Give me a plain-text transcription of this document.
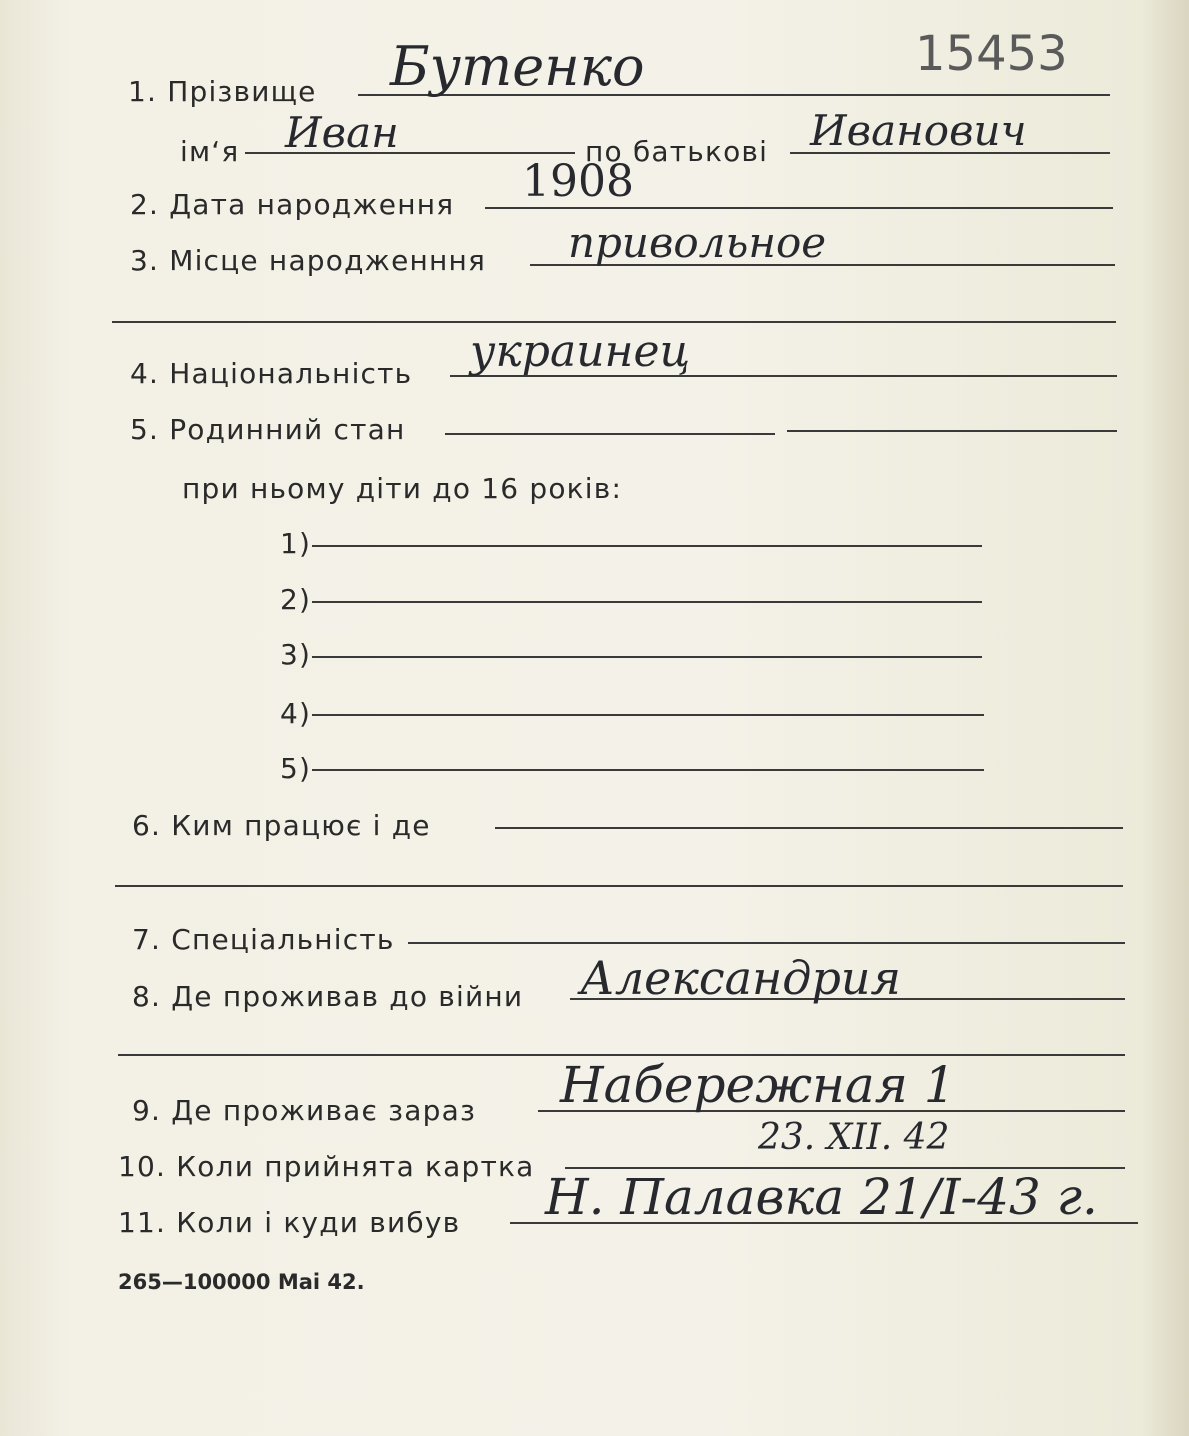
15453
1. Прізвище Бутенко
ім‘я Иван	по батькові Иванович
2. Дата народження 1908
3. Місце народженння привольное
4. Національність украинец
5. Родинний стан
при ньому діти до 16 років:
1)
2)
3)
4)
5)
6. Ким працює і де
7. Спеціальність
8. Де проживав до війни Александрия
9. Де проживає зараз Набережная 1
10. Коли прийнята картка
23. XII. 42
11. Коли і куди вибув Н. Палавка 21/I-43 г.
265—100000 Mai 42.
